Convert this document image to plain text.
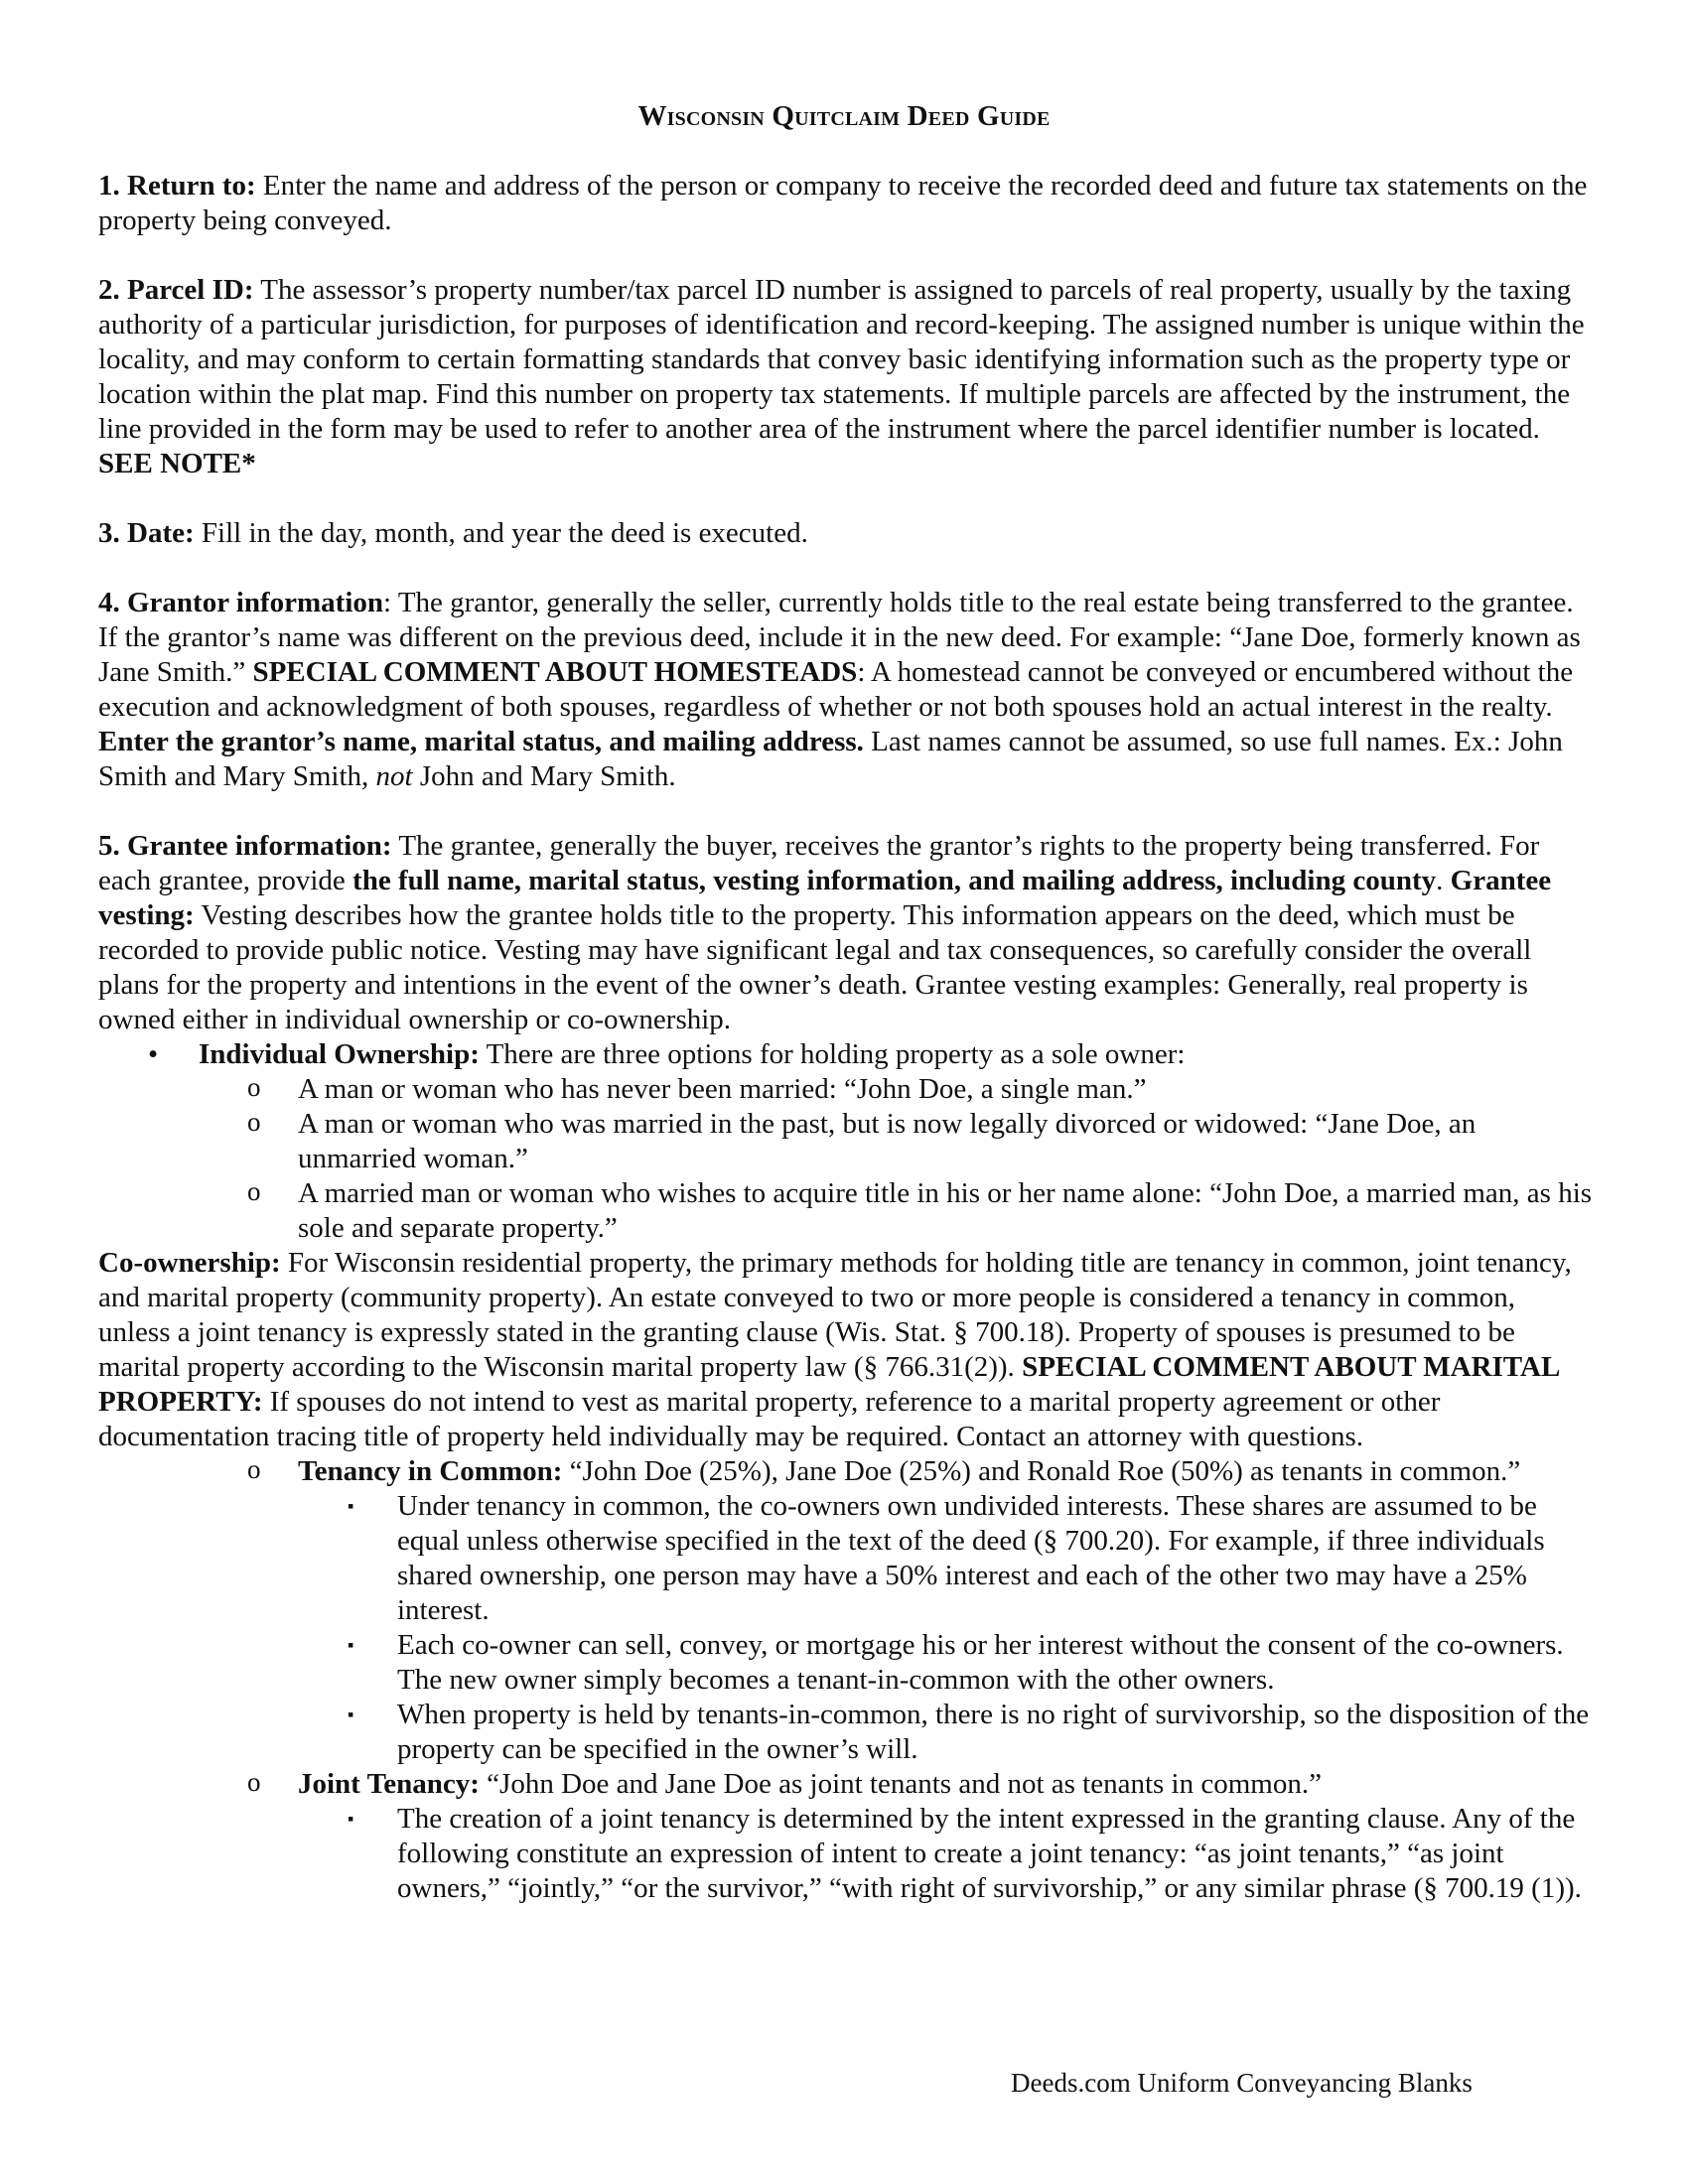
Wisconsin Quitclaim Deed Guide

1. Return to: Enter the name and address of the person or company to receive the recorded deed and future tax statements on the property being conveyed.

2. Parcel ID: The assessor’s property number/tax parcel ID number is assigned to parcels of real property, usually by the taxing authority of a particular jurisdiction, for purposes of identification and record-keeping. The assigned number is unique within the locality, and may conform to certain formatting standards that convey basic identifying information such as the property type or location within the plat map. Find this number on property tax statements. If multiple parcels are affected by the instrument, the line provided in the form may be used to refer to another area of the instrument where the parcel identifier number is located. SEE NOTE*

3. Date: Fill in the day, month, and year the deed is executed.

4. Grantor information: The grantor, generally the seller, currently holds title to the real estate being transferred to the grantee. If the grantor’s name was different on the previous deed, include it in the new deed. For example: “Jane Doe, formerly known as Jane Smith.” SPECIAL COMMENT ABOUT HOMESTEADS: A homestead cannot be conveyed or encumbered without the execution and acknowledgment of both spouses, regardless of whether or not both spouses hold an actual interest in the realty. Enter the grantor’s name, marital status, and mailing address. Last names cannot be assumed, so use full names. Ex.: John Smith and Mary Smith, not John and Mary Smith.

5. Grantee information: The grantee, generally the buyer, receives the grantor’s rights to the property being transferred. For each grantee, provide the full name, marital status, vesting information, and mailing address, including county. Grantee vesting: Vesting describes how the grantee holds title to the property. This information appears on the deed, which must be recorded to provide public notice. Vesting may have significant legal and tax consequences, so carefully consider the overall plans for the property and intentions in the event of the owner’s death. Grantee vesting examples: Generally, real property is owned either in individual ownership or co-ownership.

• Individual Ownership: There are three options for holding property as a sole owner:
o A man or woman who has never been married: “John Doe, a single man.”
o A man or woman who was married in the past, but is now legally divorced or widowed: “Jane Doe, an unmarried woman.”
o A married man or woman who wishes to acquire title in his or her name alone: “John Doe, a married man, as his sole and separate property.”

Co-ownership: For Wisconsin residential property, the primary methods for holding title are tenancy in common, joint tenancy, and marital property (community property). An estate conveyed to two or more people is considered a tenancy in common, unless a joint tenancy is expressly stated in the granting clause (Wis. Stat. § 700.18). Property of spouses is presumed to be marital property according to the Wisconsin marital property law (§ 766.31(2)). SPECIAL COMMENT ABOUT MARITAL PROPERTY: If spouses do not intend to vest as marital property, reference to a marital property agreement or other documentation tracing title of property held individually may be required. Contact an attorney with questions.

o Tenancy in Common: “John Doe (25%), Jane Doe (25%) and Ronald Roe (50%) as tenants in common.”
▪ Under tenancy in common, the co-owners own undivided interests. These shares are assumed to be equal unless otherwise specified in the text of the deed (§ 700.20). For example, if three individuals shared ownership, one person may have a 50% interest and each of the other two may have a 25% interest.
▪ Each co-owner can sell, convey, or mortgage his or her interest without the consent of the co-owners. The new owner simply becomes a tenant-in-common with the other owners.
▪ When property is held by tenants-in-common, there is no right of survivorship, so the disposition of the property can be specified in the owner’s will.
o Joint Tenancy: “John Doe and Jane Doe as joint tenants and not as tenants in common.”
▪ The creation of a joint tenancy is determined by the intent expressed in the granting clause. Any of the following constitute an expression of intent to create a joint tenancy: “as joint tenants,” “as joint owners,” “jointly,” “or the survivor,” “with right of survivorship,” or any similar phrase (§ 700.19 (1)).
Deeds.com Uniform Conveyancing Blanks
